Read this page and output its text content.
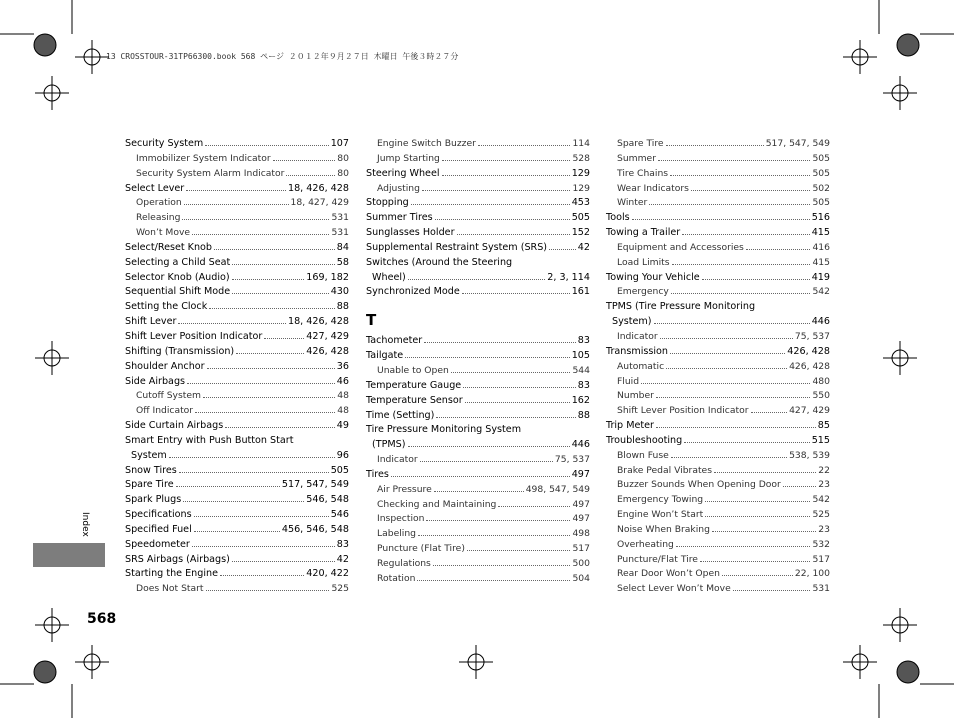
13 CROSSTOUR-31TP66300.book 568 ページ ２０１２年９月２７日 木曜日 午後３時２７分
Index
568
Security System	107
Immobilizer System Indicator	80
Security System Alarm Indicator	80
Select Lever	18, 426, 428
Operation	18, 427, 429
Releasing	531
Won’t Move	531
Select/Reset Knob	84
Selecting a Child Seat	58
Selector Knob (Audio)	169, 182
Sequential Shift Mode	430
Setting the Clock	88
Shift Lever	18, 426, 428
Shift Lever Position Indicator	427, 429
Shifting (Transmission)	426, 428
Shoulder Anchor	36
Side Airbags	46
Cutoff System	48
Off Indicator	48
Side Curtain Airbags	49
Smart Entry with Push Button Start
System	96
Snow Tires	505
Spare Tire	517, 547, 549
Spark Plugs	546, 548
Specifications	546
Specified Fuel	456, 546, 548
Speedometer	83
SRS Airbags (Airbags)	42
Starting the Engine	420, 422
Does Not Start	525
Engine Switch Buzzer	114
Jump Starting	528
Steering Wheel	129
Adjusting	129
Stopping	453
Summer Tires	505
Sunglasses Holder	152
Supplemental Restraint System (SRS)	42
Switches (Around the Steering
Wheel)	2, 3, 114
Synchronized Mode	161
T
Tachometer	83
Tailgate	105
Unable to Open	544
Temperature Gauge	83
Temperature Sensor	162
Time (Setting)	88
Tire Pressure Monitoring System
(TPMS)	446
Indicator	75, 537
Tires	497
Air Pressure	498, 547, 549
Checking and Maintaining	497
Inspection	497
Labeling	498
Puncture (Flat Tire)	517
Regulations	500
Rotation	504
Spare Tire	517, 547, 549
Summer	505
Tire Chains	505
Wear Indicators	502
Winter	505
Tools	516
Towing a Trailer	415
Equipment and Accessories	416
Load Limits	415
Towing Your Vehicle	419
Emergency	542
TPMS (Tire Pressure Monitoring
System)	446
Indicator	75, 537
Transmission	426, 428
Automatic	426, 428
Fluid	480
Number	550
Shift Lever Position Indicator	427, 429
Trip Meter	85
Troubleshooting	515
Blown Fuse	538, 539
Brake Pedal Vibrates	22
Buzzer Sounds When Opening Door	23
Emergency Towing	542
Engine Won’t Start	525
Noise When Braking	23
Overheating	532
Puncture/Flat Tire	517
Rear Door Won’t Open	22, 100
Select Lever Won’t Move	531
